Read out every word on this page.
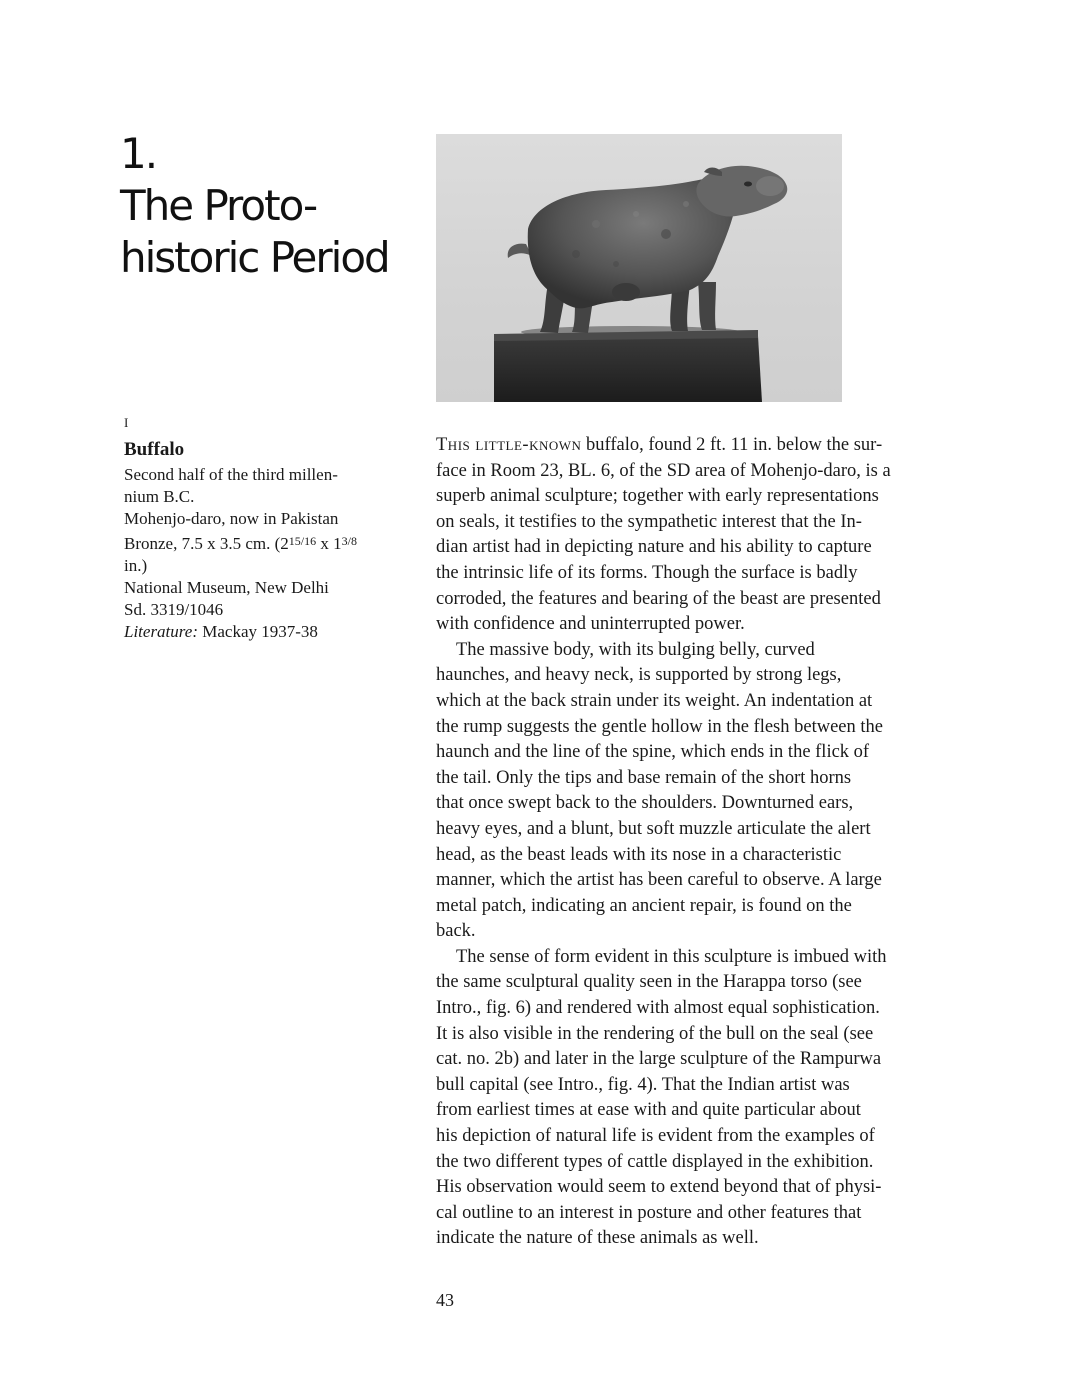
1.
The Proto-
historic Period
I
Buffalo
Second half of the third millen-
nium B.C.
Mohenjo-daro, now in Pakistan
Bronze, 7.5 x 3.5 cm. ($2^{15/16}$ x $1^{3/8}$
in.)
National Museum, New Delhi
Sd. 3319/1046
Literature: Mackay 1937-38
This little-known buffalo, found 2 ft. 11 in. below the sur-
face in Room 23, BL. 6, of the SD area of Mohenjo-daro, is a
superb animal sculpture; together with early representations
on seals, it testifies to the sympathetic interest that the In-
dian artist had in depicting nature and his ability to capture
the intrinsic life of its forms. Though the surface is badly
corroded, the features and bearing of the beast are presented
with confidence and uninterrupted power.
The massive body, with its bulging belly, curved
haunches, and heavy neck, is supported by strong legs,
which at the back strain under its weight. An indentation at
the rump suggests the gentle hollow in the flesh between the
haunch and the line of the spine, which ends in the flick of
the tail. Only the tips and base remain of the short horns
that once swept back to the shoulders. Downturned ears,
heavy eyes, and a blunt, but soft muzzle articulate the alert
head, as the beast leads with its nose in a characteristic
manner, which the artist has been careful to observe. A large
metal patch, indicating an ancient repair, is found on the
back.
The sense of form evident in this sculpture is imbued with
the same sculptural quality seen in the Harappa torso (see
Intro., fig. 6) and rendered with almost equal sophistication.
It is also visible in the rendering of the bull on the seal (see
cat. no. 2b) and later in the large sculpture of the Rampurwa
bull capital (see Intro., fig. 4). That the Indian artist was
from earliest times at ease with and quite particular about
his depiction of natural life is evident from the examples of
the two different types of cattle displayed in the exhibition.
His observation would seem to extend beyond that of physi-
cal outline to an interest in posture and other features that
indicate the nature of these animals as well.
43
